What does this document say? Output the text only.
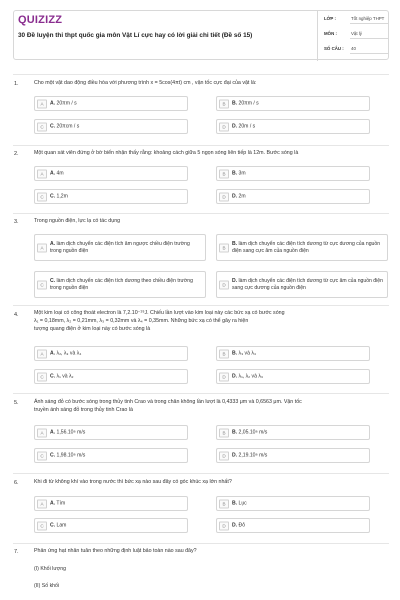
QUIZIZZ
30 Đề luyện thi thpt quốc gia môn Vật Lí cực hay có lời giải chi tiết (Đề số 15)
LỚP :	Tốt nghiệp THPT
MÔN :	Vật lý
SỐ CÂU : 40
1.	Cho một vật dao động điều hòa với phương trình x = 5cos(4πt) cm , vận tốc cực đại của vật là:
A	A. 20πm / s	B	B. 20πm / s
C	C. 20πcm / s	D	D. 20m / s
2.	Một quan sát viên đứng ở bờ biển nhận thấy rằng: khoảng cách giữa 5 ngọn sóng liên tiếp là 12m. Bước sóng là
A	A. 4m	B	B. 3m
C	C. 1,2m	D	D. 2m
3.	Trong nguồn điện, lực lạ có tác dụng
A
A. làm dịch chuyển các điện tích âm ngược chiều điện trường trong nguồn điện	B
B. làm dịch chuyển các điện tích dương từ cực dương của nguồn điện sang cực âm của nguồn điện
C
C. làm dịch chuyển các điện tích dương theo chiều điện trường trong nguồn điện	D
D. làm dịch chuyển các điện tích dương từ cực âm của nguồn điện sang cực dương của nguồn điện
4.	Một kim loại có công thoát electron là 7,2.10⁻¹⁹J. Chiếu lần lượt vào kim loại này các bức xạ có bước sóng
λ₁ = 0,18mm, λ₂ = 0,21mm, λ₃ = 0,32mm và λ₄ = 0,35mm. Những bức xạ có thể gây ra hiện
tượng quang điện ở kim loại này có bước sóng là
A	A. λ₂, λ₃ và λ₄	B	B. λ₃ và λ₄
C	C. λ₁ và λ₂	D	D. λ₁, λ₂ và λ₃
5.	Ánh sáng đỏ có bước sóng trong thủy tinh Crao và trong chân không lần lượt là 0,4333 μm và 0,6563 μm. Vận tốc
truyền ánh sáng đỏ trong thủy tinh Crao là
A	A. 1,56.10⁸ m/s	B	B. 2,05.10⁸ m/s
C	C. 1,98.10⁸ m/s	D	D. 2,19.10⁸ m/s
6.	Khi đi từ không khí vào trong nước thì bức xạ nào sau đây có góc khúc xạ lớn nhất?
A	A. Tím	B	B. Lục
C	C. Lam	D	D. Đỏ
7.	Phản ứng hạt nhân tuân theo những định luật bảo toàn nào sau đây?
(I) Khối lượng
(II) Số khối
